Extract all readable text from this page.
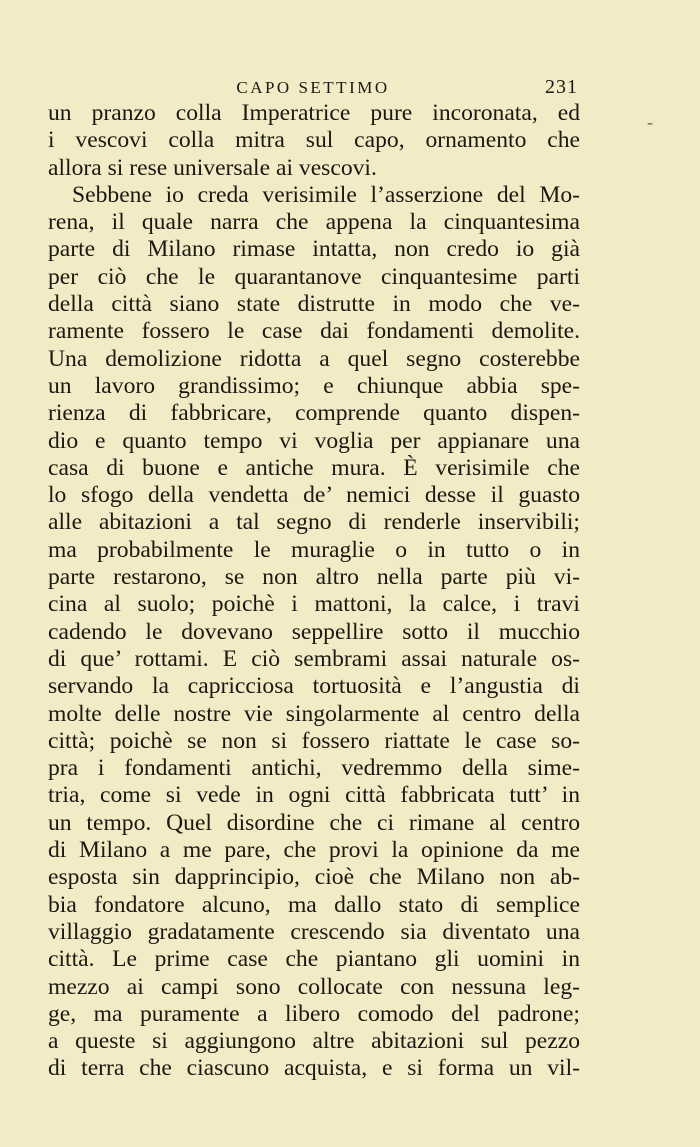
CAPO SETTIMO	231
-
un pranzo colla Imperatrice pure incoronata, ed
i vescovi colla mitra sul capo, ornamento che
allora si rese universale ai vescovi.
Sebbene io creda verisimile l’asserzione del Mo-
rena, il quale narra che appena la cinquantesima
parte di Milano rimase intatta, non credo io già
per ciò che le quarantanove cinquantesime parti
della città siano state distrutte in modo che ve-
ramente fossero le case dai fondamenti demolite.
Una demolizione ridotta a quel segno costerebbe
un lavoro grandissimo; e chiunque abbia spe-
rienza di fabbricare, comprende quanto dispen-
dio e quanto tempo vi voglia per appianare una
casa di buone e antiche mura. È verisimile che
lo sfogo della vendetta de’ nemici desse il guasto
alle abitazioni a tal segno di renderle inservibili;
ma probabilmente le muraglie o in tutto o in
parte restarono, se non altro nella parte più vi-
cina al suolo; poichè i mattoni, la calce, i travi
cadendo le dovevano seppellire sotto il mucchio
di que’ rottami. E ciò sembrami assai naturale os-
servando la capricciosa tortuosità e l’angustia di
molte delle nostre vie singolarmente al centro della
città; poichè se non si fossero riattate le case so-
pra i fondamenti antichi, vedremmo della sime-
tria, come si vede in ogni città fabbricata tutt’ in
un tempo. Quel disordine che ci rimane al centro
di Milano a me pare, che provi la opinione da me
esposta sin dapprincipio, cioè che Milano non ab-
bia fondatore alcuno, ma dallo stato di semplice
villaggio gradatamente crescendo sia diventato una
città. Le prime case che piantano gli uomini in
mezzo ai campi sono collocate con nessuna leg-
ge, ma puramente a libero comodo del padrone;
a queste si aggiungono altre abitazioni sul pezzo
di terra che ciascuno acquista, e si forma un vil-
